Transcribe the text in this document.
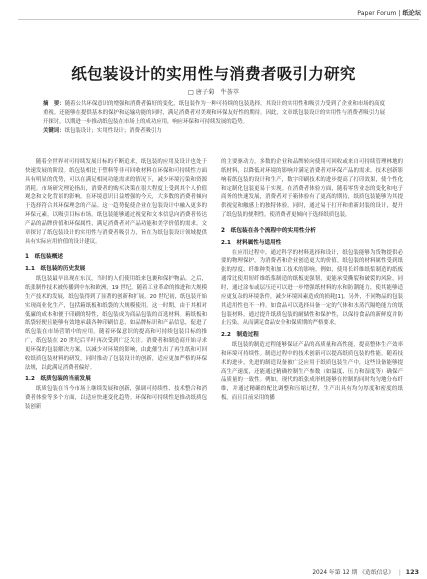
Paper Forum | 纸论坛
纸包装设计的实用性与消费者吸引力研究
□ 唐子菊　牛荟萃
摘　要：随着公共环保意识的增强和消费者偏好的变化，纸包装作为一种可持续的包装选择，其设计的实用性和吸引力受到了企业和市场的高度重视。还能够在提供基本的保护和运输功能的同时，满足消费者对美观和环保友好性的期待。因此，文章纸包装设计的实用性与消费者吸引力展开探讨，以期进一步推动纸包装在市场上的成功应用，响应环保和可持续发展的趋势。
关键词：纸包装设计；实用性设计；消费者吸引力

随着全世界对可持续发展日标的不断追求，纸包装的应用及设计也处于快速发展的阶段。纸包装相比于塑料等非可回收材料在环保和可持续性方面具有明显的优势，可以在满足相同功能需求的情况下，减少环境污染和资源消耗。市场研究理论指出，消费者的购买决策在很大程度上受到其个人价值观念和文化背景的影响，在环境意识日益增强的今天，大多数的消费者倾向于选择符合其环保理念的产品。这一趋势促使企业在包装设计中融入更多的环保元素，以吸引目标市场。纸包装能够通过视觉和文本信息向消费者传达产品的品牌价值和环保属性，满足消费者对产品功能和美学价值的需求。文章探讨了纸包装设计的实用性与消费者吸引力，旨在为纸包装设计领域提供具有实际应用价值的设计建议。

1　纸包装概述
1.1　纸包装的历史发展

纸包装最早出现在东汉，当时的人们使用纸来包裹和保护物品。之后，纸张制作技术被传播到中东和欧洲，19 世纪，随着工业革命的推进和大规模生产技术的发展，纸包装得到了显著的创新和扩展。20 世纪初，纸包装开始实现商业化生产，包括箱纸板和纸袋的大规模使用。这一时期，由于其相对低廉的成本和便于印刷的特性，纸包装成为商品包装的首选材料。箱纸板和纸袋轻便且能够有效地承载各种印刷信息，如品牌标识和产品信息，促进了纸包装在市场营销中的应用。随着环保意识的提高和可持续包装目标的推广，纸包装在 20 世纪后半叶再次受到广泛关注。消费者和制造商开始寻求更环保的包装解决方案，以减少对环境的影响，由此催生出了再生纸和可回收纸质包装材料的研发，同时推动了包装设计的创新，适应更加严格的环保法规，以此满足消费者偏好。

1.2　纸质包装的当前发展

纸质包装在当今市场上继续发展和创新，强调可持续性、技术整合和消费者体验等多个方面，以适应快速变化趋势。环保和可持续性是推动纸质包装创新

的主要驱动力，多数的企业和品牌转向使用可回收或来自可持续管理林地的纸材料，以降低对环境的影响并满足消费者对环保产品的需求。技术创新影响着纸包装的设计和生产，数字印刷技术的进步提高了打印效果，使个性化和定制化包装更易于实现。在消费者体验方面，随着零售业态的变化和电子商务的快速发展，消费者对于箱体验有了更高的期待，纸质包装能够为其提供视觉和触感上的独特体验。同时，通过易于打开和重新封装的设计，提升了纸包装的便利性，使消费者更倾向于选择纸质包装。

2　纸包装在各个流程中的实用性分析
2.1　材料属性与适用性

在应用过程中，通过科学的材料选择和设计，纸包装能够为货物提供必要的物理保护，为消费者和企业创造更大的价值。纸包装的材料属性受到纸张的厚度、纤维种类和加工技术的影响。例如，使用长纤维纸浆制造的纸板通常比使用短纤维纸浆制造的纸板更强韧，更能承受撕裂和破裂的风险。同时，通过涂布或层压还可以进一步增强纸材料的水和防潮能力，使其能够适应更复杂的环境条件，减少环境因素造成的损耗[1]。另外，不同物品的包装其适用性也不一样。如食品可以选择具备一定的气体和水蒸汽隔绝能力的纸包装材料，通过提升纸质包装的耐储性和保护性，以保持食品的新鲜度并防止污染，从而满足食品安全和保质期的严格要求。

2.2　制造过程

纸包装的制造过程能够保证产品的高质量和高性能，提高整体生产效率和环境可持续性。制造过程中的技术创新可以提高纸质包装的性能。随着技术的进步，先进的制造设备被广泛应用于纸质包装生产中，这些设备能够提高生产速度，还能通过精确控制生产参数（如温度、压力和湿度等）确保产品质量的一致性。例如，现代的纸张成形机能够在控制的同时均匀地分布纤维，并通过精确的配比调整和压缩过程，生产出具有均匀厚度和密度的纸板。而且目前采用的播

2024 年第 12 期 《造纸信息》 | 123
